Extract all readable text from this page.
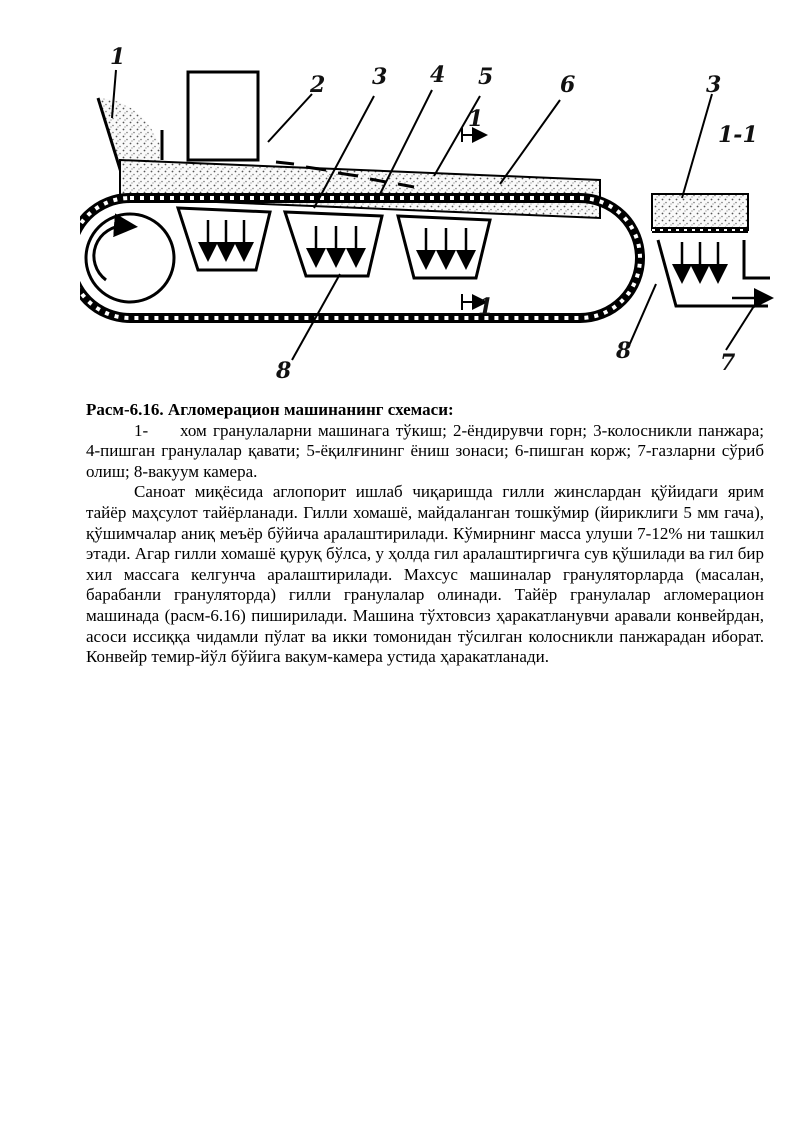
1
2 3 4 5	6
1
1
8
3
1-1
8	7

Расм-6.16. Агломерацион машинанинг схемаси:

1- хом гранулаларни машинага тўкиш; 2-ёндирувчи горн; 3-колосникли панжара; 4-пишган гранулалар қавати; 5-ёқилғининг ёниш зонаси; 6-пишган корж; 7-газларни сўриб олиш; 8-вакуум камера.

Саноат миқёсида аглопорит ишлаб чиқаришда гилли жинслардан қўйидаги ярим тайёр маҳсулот тайёрланади. Гилли хомашё, майдаланган тошкўмир (йириклиги 5 мм гача), қўшимчалар аниқ меъёр бўйича аралаштирилади. Кўмирнинг масса улуши 7-12% ни ташкил этади. Агар гилли хомашё қуруқ бўлса, у ҳолда гил аралаштиргичга сув қўшилади ва гил бир хил массага келгунча аралаштирилади. Махсус машиналар грануляторларда (масалан, барабанли грануляторда) гилли гранулалар олинади. Тайёр гранулалар агломерацион машинада (расм-6.16) пиширилади. Машина тўхтовсиз ҳаракатланувчи аравали конвейрдан, асоси иссиққа чидамли пўлат ва икки томонидан тўсилган колосникли панжарадан иборат. Конвейр темир-йўл бўйига вакум-камера устида ҳаракатланади.
